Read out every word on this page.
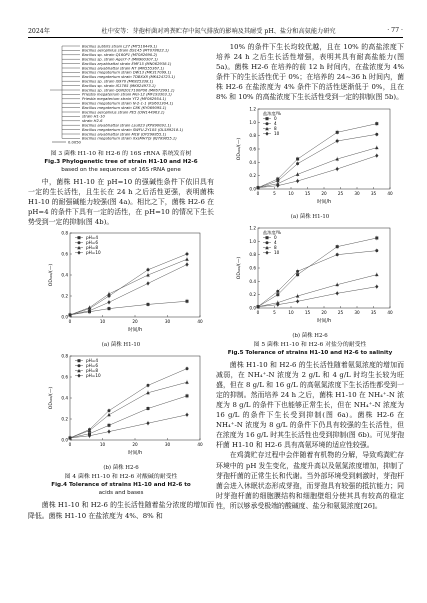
2024年	杜中安等：芽孢杆菌对鸡粪贮存中氮气排放的影响及其耐受 pH、盐分和高氨能力研究	· 77 ·
Bacillus subtilis strain L27 (MT516449.1)
Bacillus aerophilus strain DS145 (MT078622.1)
Bacillus sp. strain Q160P1 (MT082690.2)
Bacillus sp. strain Ager7-7 (MN900307.1)
Bacillus aryabhattai strain EMF15 (MN062938.1)
Bacillus aryabhattai strain NT (MN555367.1)
Bacillus megaterium strain DW13 (MK317099.1)
Bacillus megaterium strain TDBXX8 (MK424723.1)
Bacillus sp. strain IS970 (MK825338.1)
Bacillus sp. strain IS1785 (MK824973.1)
Bacillus sp. strain QUN2017100P06 (MK672991.1)
Priestia megaterium strain Mel-12 (MF193303.1)
Priestia megaterium strain YT2 (MF062954.1)
Bacillus megaterium strain N-2-1-1 (KU601304.1)
Bacillus megaterium strain C8K (KY069095.1)
Bacillus aerophilus strain PE5 (OW144963.1)
strain H1-10
strain H2-6
Bacillus aryabhattai strain Lsu023 (KP890091.1)
Bacillus megaterium strain SWFU-2Y105 (OL589218.1)
Bacillus aryabhattai strain M1B (OP298855.1)
Bacillus megaterium strain XxsMH7(S (KJ789855.1)
0.0050

图 3 菌株 H1-10 和 H2-6 的 16S rRNA 系统发育树

Fig.3 Phylogenetic tree of strain H1-10 and H2-6

based on the sequences of 16S rRNA gene

中，菌株 H1-10 在 pH=10 的强碱性条件下依旧具有一定的生长活性，且生长在 24 h 之后活性更强，表明菌株 H1-10 的耐强碱能力较强(图 4a)。相比之下，菌株 H2-6 在 pH=4 的条件下具有一定的活性，在 pH=10 的情况下生长势受到一定的抑制(图 4b)。

0.0
0.2
0.4
0.6
0.8
0	10	20	30	40
时间/h
OD₆₀₀/(—)
pH=4
pH=6
pH=8
pH=10
(a) 菌株 H1-10
0.0
0.2
0.4
0.6
0.8
0	10	20	30	40
时间/h
OD₆₀₀/(—)
pH=4
pH=6
pH=8
pH=10
(b) 菌株 H2-6

图 4 菌株 H1-10 和 H2-6 对酸碱的耐受性

Fig.4 Tolerance of strains H1-10 and H2-6 to

acids and bases

菌株 H1-10 和 H2-6 的生长活性随着盐分浓度的增加而降低。菌株 H1-10 在盐浓度为 4%、8% 和

10% 的条件下生长均较优越，且在 10% 的高盐浓度下培养 24 h 之后生长活性增强，表明其具有耐高盐能力(图 5a)。菌株 H2-6 在培养的前 12 h 时间内，在盐浓度为 4% 条件下的生长活性优于 0%；在培养的 24~36 h 时间内，菌株 H2-6 在盐浓度为 4% 条件下的活性逐渐低于 0%，且在 8% 和 10% 的高盐浓度下生长活性受到一定的抑制(图 5b)。

0.0
0.2
0.4
0.6
0.8
1.0
1.2
0	5	10	15	20	25	30	35	40
时间/h
OD₆₀₀/(—)
盐浓度/%
0
4
8
10
(a) 菌株 H1-10
0.0
0.2
0.4
0.6
0.8
1.0
1.2
0	5	10	15	20	25	30	35	40
时间/h
OD₆₀₀/(—)
盐浓度/%
0
4
8
10
(b) 菌株 H2-6

图 5 菌株 H1-10 和 H2-6 对盐分的耐受性

Fig.5 Tolerance of strains H1-10 and H2-6 to salinity

菌株 H1-10 和 H2-6 的生长活性随着氨氮浓度的增加而减弱，在 NH₄⁺-N 浓度为 2 g/L 和 4 g/L 时均生长较为旺盛，但在 8 g/L 和 16 g/L 的高氨氮浓度下生长活性都受到一定的抑制。然而培养 24 h 之后，菌株 H1-10 在 NH₄⁺-N 浓度为 8 g/L 的条件下也能够正常生长，但在 NH₄⁺-N 浓度为 16 g/L 的条件下生长受到抑制(图 6a)。菌株 H2-6 在 NH₄⁺-N 浓度为 8 g/L 的条件下仍具有较强的生长活性，但在浓度为 16 g/L 时其生长活性也受到抑制(图 6b)。可见芽孢杆菌 H1-10 和 H2-6 具有高氨环境的适应性较强。

在鸡粪贮存过程中会伴随着有机物的分解，导致鸡粪贮存环境中的 pH 发生变化，盐度升高以及氨氮浓度增加，抑制了芽孢杆菌的正常生长和代谢。当外部环境受到刺激时，芽孢杆菌会进入休眠状态形成芽孢，而芽孢具有较强的抵抗能力；同时芽孢杆菌的细胞膜结构和细胞壁组分使其具有较高的稳定性，所以够承受极端的酸碱度、盐分和氨氮浓度[26]。
